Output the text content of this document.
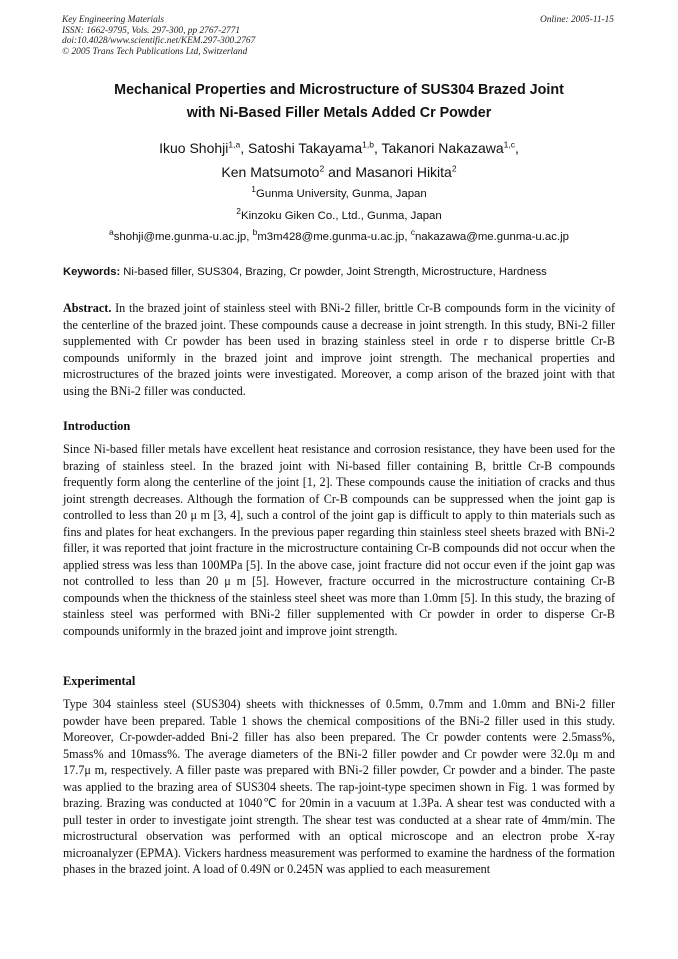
Key Engineering Materials
ISSN: 1662-9795, Vols. 297-300, pp 2767-2771
doi:10.4028/www.scientific.net/KEM.297-300.2767
© 2005 Trans Tech Publications Ltd, Switzerland
Online: 2005-11-15
Mechanical Properties and Microstructure of SUS304 Brazed Joint
with Ni-Based Filler Metals Added Cr Powder
Ikuo Shohji$^{1,a}$, Satoshi Takayama$^{1,b}$, Takanori Nakazawa$^{1,c}$,
Ken Matsumoto$^2$ and Masanori Hikita$^2$
$^1$Gunma University, Gunma, Japan
$^2$Kinzoku Giken Co., Ltd., Gunma, Japan
$^a$shohji@me.gunma-u.ac.jp, $^b$m3m428@me.gunma-u.ac.jp, $^c$nakazawa@me.gunma-u.ac.jp
Keywords: Ni-based filler, SUS304, Brazing, Cr powder, Joint Strength, Microstructure, Hardness
Abstract. In the brazed joint of stainless steel with BNi-2 filler, brittle Cr-B compounds form in the vicinity of the centerline of the brazed joint. These compounds cause a decrease in joint strength. In this study, BNi-2 filler supplemented with Cr powder has been used in brazing stainless steel in orde r to disperse brittle Cr-B compounds uniformly in the brazed joint and improve joint strength. The mechanical properties and microstructures of the brazed joints were investigated. Moreover, a comp arison of the brazed joint with that using the BNi-2 filler was conducted.
Introduction
Since Ni-based filler metals have excellent heat resistance and corrosion resistance, they have been used for the brazing of stainless steel. In the brazed joint with Ni-based filler containing B, brittle Cr-B compounds frequently form along the centerline of the joint [1, 2]. These compounds cause the initiation of cracks and thus joint strength decreases. Although the formation of Cr-B compounds can be suppressed when the joint gap is controlled to less than 20 μ m [3, 4], such a control of the joint gap is difficult to apply to thin materials such as fins and plates for heat exchangers. In the previous paper regarding thin stainless steel sheets brazed with BNi-2 filler, it was reported that joint fracture in the microstructure containing Cr-B compounds did not occur when the applied stress was less than 100MPa [5]. In the above case, joint fracture did not occur even if the joint gap was not controlled to less than 20 μ m [5]. However, fracture occurred in the microstructure containing Cr-B compounds when the thickness of the stainless steel sheet was more than 1.0mm [5]. In this study, the brazing of stainless steel was performed with BNi-2 filler supplemented with Cr powder in order to disperse Cr-B compounds uniformly in the brazed joint and improve joint strength.
Experimental
Type 304 stainless steel (SUS304) sheets with thicknesses of 0.5mm, 0.7mm and 1.0mm and BNi-2 filler powder have been prepared. Table 1 shows the chemical compositions of the BNi-2 filler used in this study. Moreover, Cr-powder-added Bni-2 filler has also been prepared. The Cr powder contents were 2.5mass%, 5mass% and 10mass%. The average diameters of the BNi-2 filler powder and Cr powder were 32.0μ m and 17.7μ m, respectively. A filler paste was prepared with BNi-2 filler powder, Cr powder and a binder. The paste was applied to the brazing area of SUS304 sheets. The rap-joint-type specimen shown in Fig. 1 was formed by brazing. Brazing was conducted at 1040℃ for 20min in a vacuum at 1.3Pa. A shear test was conducted with a pull tester in order to investigate joint strength. The shear test was conducted at a shear rate of 4mm/min. The microstructural observation was performed with an optical microscope and an electron probe X-ray microanalyzer (EPMA). Vickers hardness measurement was performed to examine the hardness of the formation phases in the brazed joint. A load of 0.49N or 0.245N was applied to each measurement
